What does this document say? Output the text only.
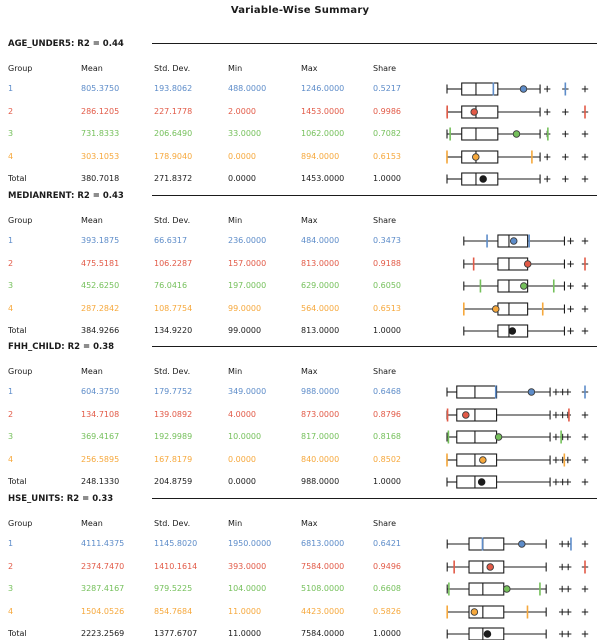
Variable-Wise Summary
AGE_UNDER5: R2 = 0.44
Group	Mean	Std. Dev.	Min	Max	Share
1	805.3750	193.8062	488.0000	1246.0000	0.5217
2	286.1205	227.1778	2.0000	1453.0000	0.9986
3	731.8333	206.6490	33.0000	1062.0000	0.7082
4	303.1053	178.9040	0.0000	894.0000	0.6153
Total	380.7018	271.8372	0.0000	1453.0000	1.0000
MEDIANRENT: R2 = 0.43
Group	Mean	Std. Dev.	Min	Max	Share
1	393.1875	66.6317	236.0000	484.0000	0.3473
2	475.5181	106.2287	157.0000	813.0000	0.9188
3	452.6250	76.0416	197.0000	629.0000	0.6050
4	287.2842	108.7754	99.0000	564.0000	0.6513
Total	384.9266	134.9220	99.0000	813.0000	1.0000
FHH_CHILD: R2 = 0.38
Group	Mean	Std. Dev.	Min	Max	Share
1	604.3750	179.7752	349.0000	988.0000	0.6468
2	134.7108	139.0892	4.0000	873.0000	0.8796
3	369.4167	192.9989	10.0000	817.0000	0.8168
4	256.5895	167.8179	0.0000	840.0000	0.8502
Total	248.1330	204.8759	0.0000	988.0000	1.0000
HSE_UNITS: R2 = 0.33
Group	Mean	Std. Dev.	Min	Max	Share
1	4111.4375	1145.8020	1950.0000	6813.0000	0.6421
2	2374.7470	1410.1614	393.0000	7584.0000	0.9496
3	3287.4167	979.5225	104.0000	5108.0000	0.6608
4	1504.0526	854.7684	11.0000	4423.0000	0.5826
Total	2223.2569	1377.6707	11.0000	7584.0000	1.0000
